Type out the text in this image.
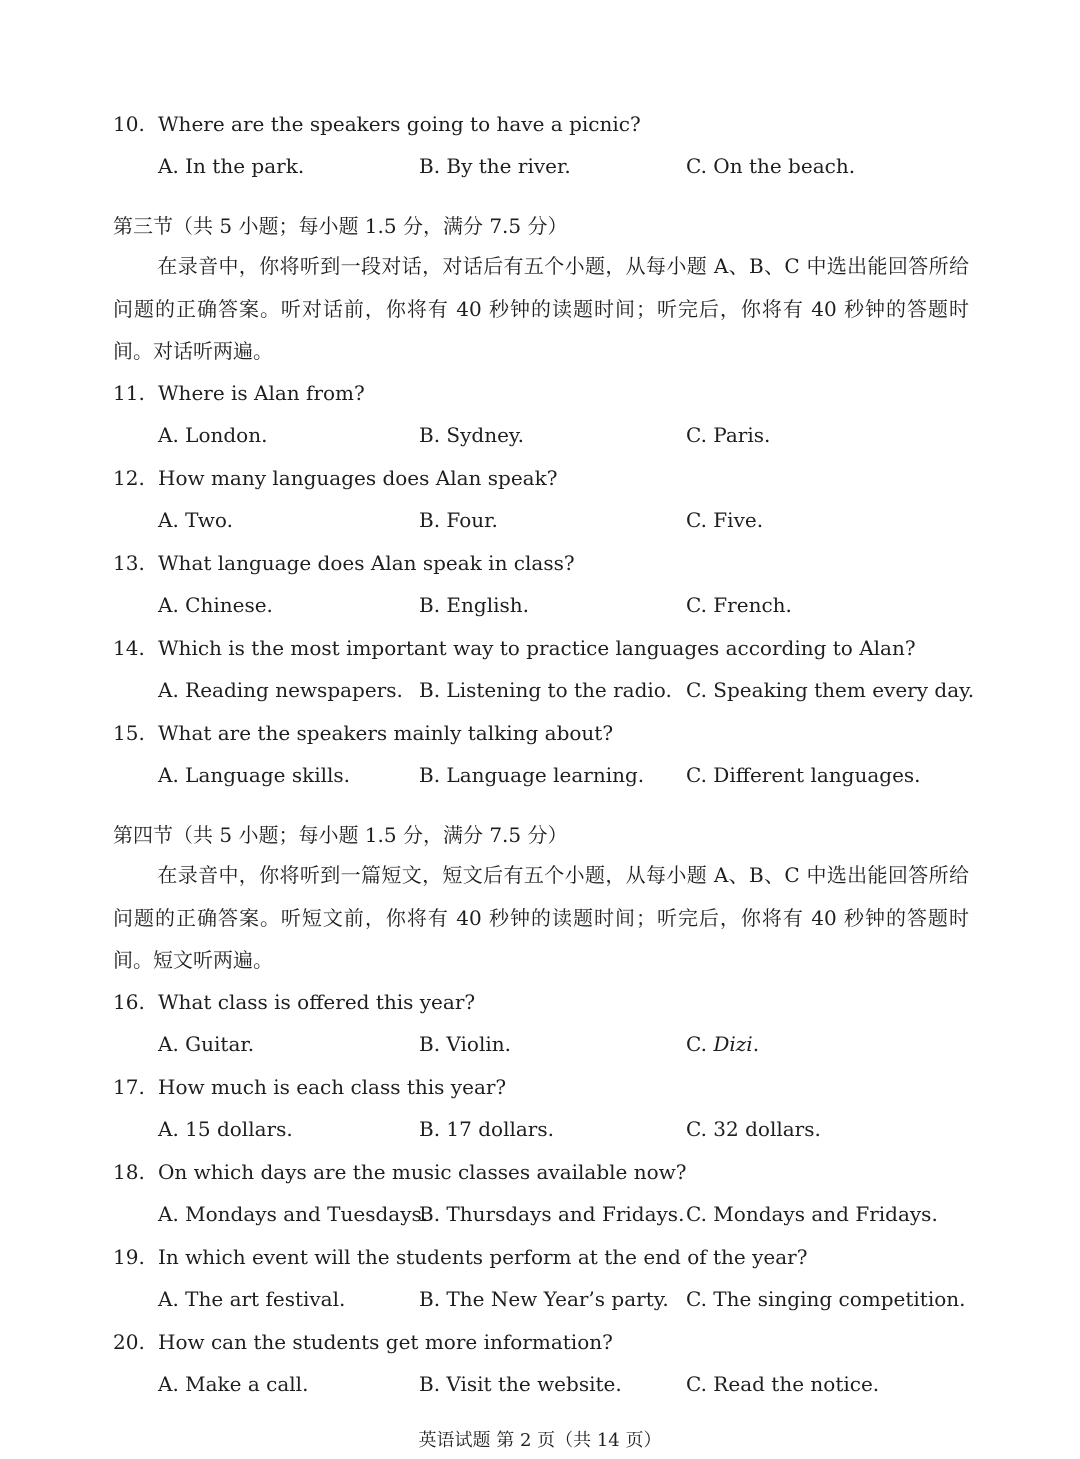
10. Where are the speakers going to have a picnic?
A. In the park.	B. By the river.	C. On the beach.
第三节（共 5 小题；每小题 1.5 分，满分 7.5 分）
在录音中，你将听到一段对话，对话后有五个小题，从每小题 A、B、C 中选出能回答所给问题的正确答案。听对话前，你将有 40 秒钟的读题时间；听完后，你将有 40 秒钟的答题时间。对话听两遍。
11. Where is Alan from?
A. London.	B. Sydney.	C. Paris.
12. How many languages does Alan speak?
A. Two.	B. Four.	C. Five.
13. What language does Alan speak in class?
A. Chinese.	B. English.	C. French.
14. Which is the most important way to practice languages according to Alan?
A. Reading newspapers. B. Listening to the radio. C. Speaking them every day.
15. What are the speakers mainly talking about?
A. Language skills.	B. Language learning. C. Different languages.
第四节（共 5 小题；每小题 1.5 分，满分 7.5 分）
在录音中，你将听到一篇短文，短文后有五个小题，从每小题 A、B、C 中选出能回答所给问题的正确答案。听短文前，你将有 40 秒钟的读题时间；听完后，你将有 40 秒钟的答题时间。短文听两遍。
16. What class is offered this year?
A. Guitar.	B. Violin.	C. Dizi.
17. How much is each class this year?
A. 15 dollars.	B. 17 dollars.	C. 32 dollars.
18. On which days are the music classes available now?
A. Mondays and Tuesdays.
B. Thursdays and Fridays. C. Mondays and Fridays.
19. In which event will the students perform at the end of the year?
A. The art festival.	B. The New Year’s party. C. The singing competition.
20. How can the students get more information?
A. Make a call.	B. Visit the website.	C. Read the notice.
英语试题 第 2 页（共 14 页）
